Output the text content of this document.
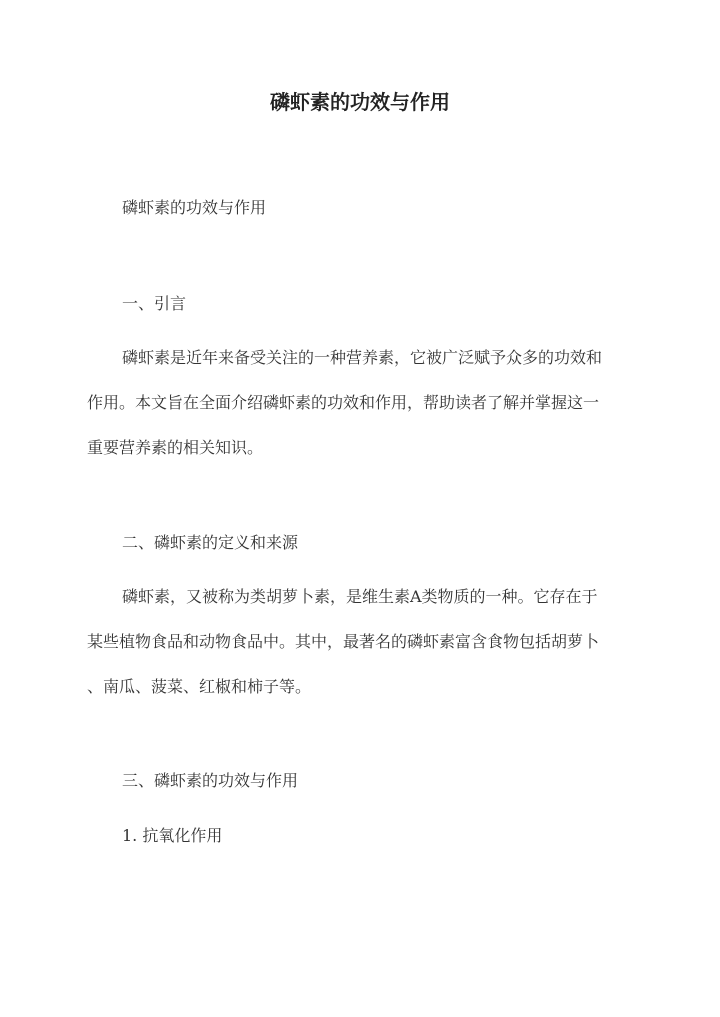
磷虾素的功效与作用

磷虾素的功效与作用

一、引言

磷虾素是近年来备受关注的一种营养素，它被广泛赋予众多的功效和

作用。本文旨在全面介绍磷虾素的功效和作用，帮助读者了解并掌握这一

重要营养素的相关知识。

二、磷虾素的定义和来源

磷虾素，又被称为类胡萝卜素，是维生素A类物质的一种。它存在于

某些植物食品和动物食品中。其中，最著名的磷虾素富含食物包括胡萝卜

、南瓜、菠菜、红椒和柿子等。

三、磷虾素的功效与作用

1. 抗氧化作用
